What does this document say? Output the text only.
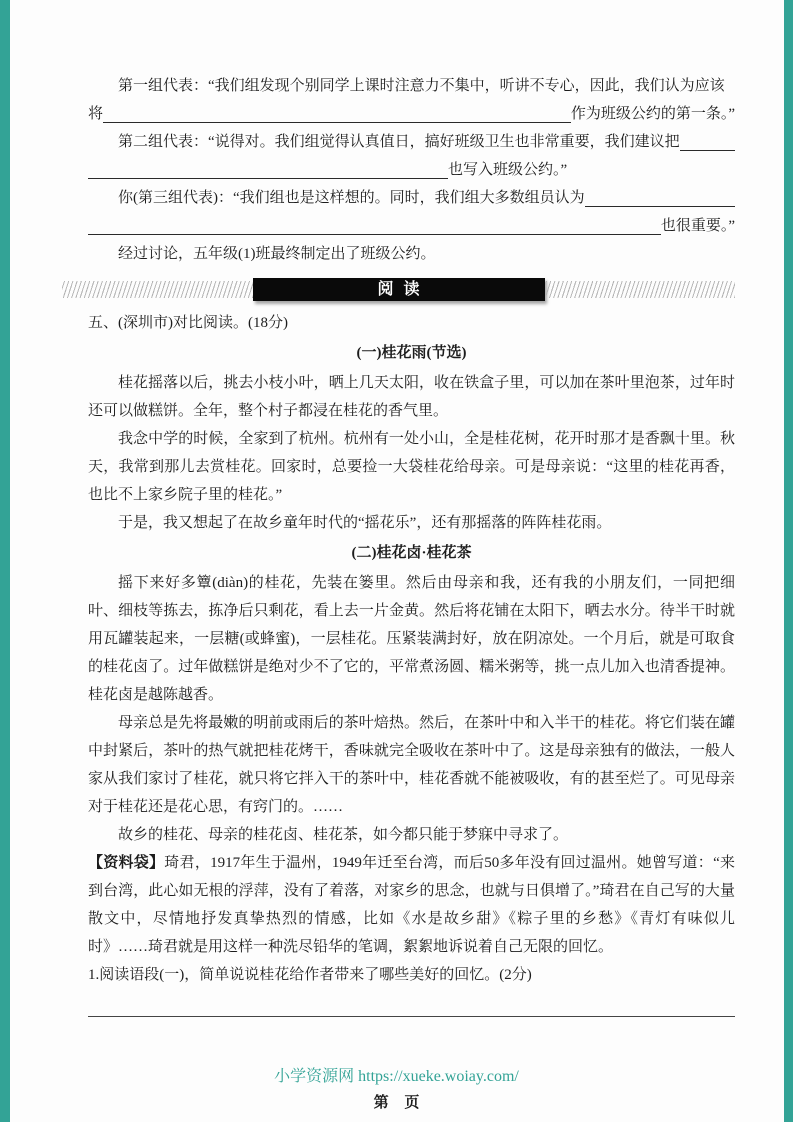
第一组代表：“我们组发现个别同学上课时注意力不集中，听讲不专心，因此，我们认为应该

将	作为班级公约的第一条。”
第二组代表：“说得对。我们组觉得认真值日，搞好班级卫生也非常重要，我们建议把
也写入班级公约。”
你(第三组代表)：“我们组也是这样想的。同时，我们组大多数组员认为
也很重要。”

经过讨论，五年级(1)班最终制定出了班级公约。

阅读

五、(深圳市)对比阅读。(18分)

(一)桂花雨(节选)

桂花摇落以后，挑去小枝小叶，晒上几天太阳，收在铁盒子里，可以加在茶叶里泡茶，过年时还可以做糕饼。全年，整个村子都浸在桂花的香气里。

我念中学的时候，全家到了杭州。杭州有一处小山，全是桂花树，花开时那才是香飘十里。秋天，我常到那儿去赏桂花。回家时，总要捡一大袋桂花给母亲。可是母亲说：“这里的桂花再香，也比不上家乡院子里的桂花。”

于是，我又想起了在故乡童年时代的“摇花乐”，还有那摇落的阵阵桂花雨。

(二)桂花卤·桂花茶

摇下来好多簟(diàn)的桂花，先装在篓里。然后由母亲和我，还有我的小朋友们，一同把细叶、细枝等拣去，拣净后只剩花，看上去一片金黄。然后将花铺在太阳下，晒去水分。待半干时就用瓦罐装起来，一层糖(或蜂蜜)，一层桂花。压紧装满封好，放在阴凉处。一个月后，就是可取食的桂花卤了。过年做糕饼是绝对少不了它的，平常煮汤圆、糯米粥等，挑一点儿加入也清香提神。桂花卤是越陈越香。

母亲总是先将最嫩的明前或雨后的茶叶焙热。然后，在茶叶中和入半干的桂花。将它们装在罐中封紧后，茶叶的热气就把桂花烤干，香味就完全吸收在茶叶中了。这是母亲独有的做法，一般人家从我们家讨了桂花，就只将它拌入干的茶叶中，桂花香就不能被吸收，有的甚至烂了。可见母亲对于桂花还是花心思，有窍门的。……

故乡的桂花、母亲的桂花卤、桂花茶，如今都只能于梦寐中寻求了。

【资料袋】琦君，1917年生于温州，1949年迁至台湾，而后50多年没有回过温州。她曾写道：“来到台湾，此心如无根的浮萍，没有了着落，对家乡的思念，也就与日俱增了。”琦君在自己写的大量散文中，尽情地抒发真挚热烈的情感，比如《水是故乡甜》《粽子里的乡愁》《青灯有味似儿时》……琦君就是用这样一种洗尽铅华的笔调，絮絮地诉说着自己无限的回忆。

1.阅读语段(一)，简单说说桂花给作者带来了哪些美好的回忆。(2分)

小学资源网 https://xueke.woiay.com/
第 页
